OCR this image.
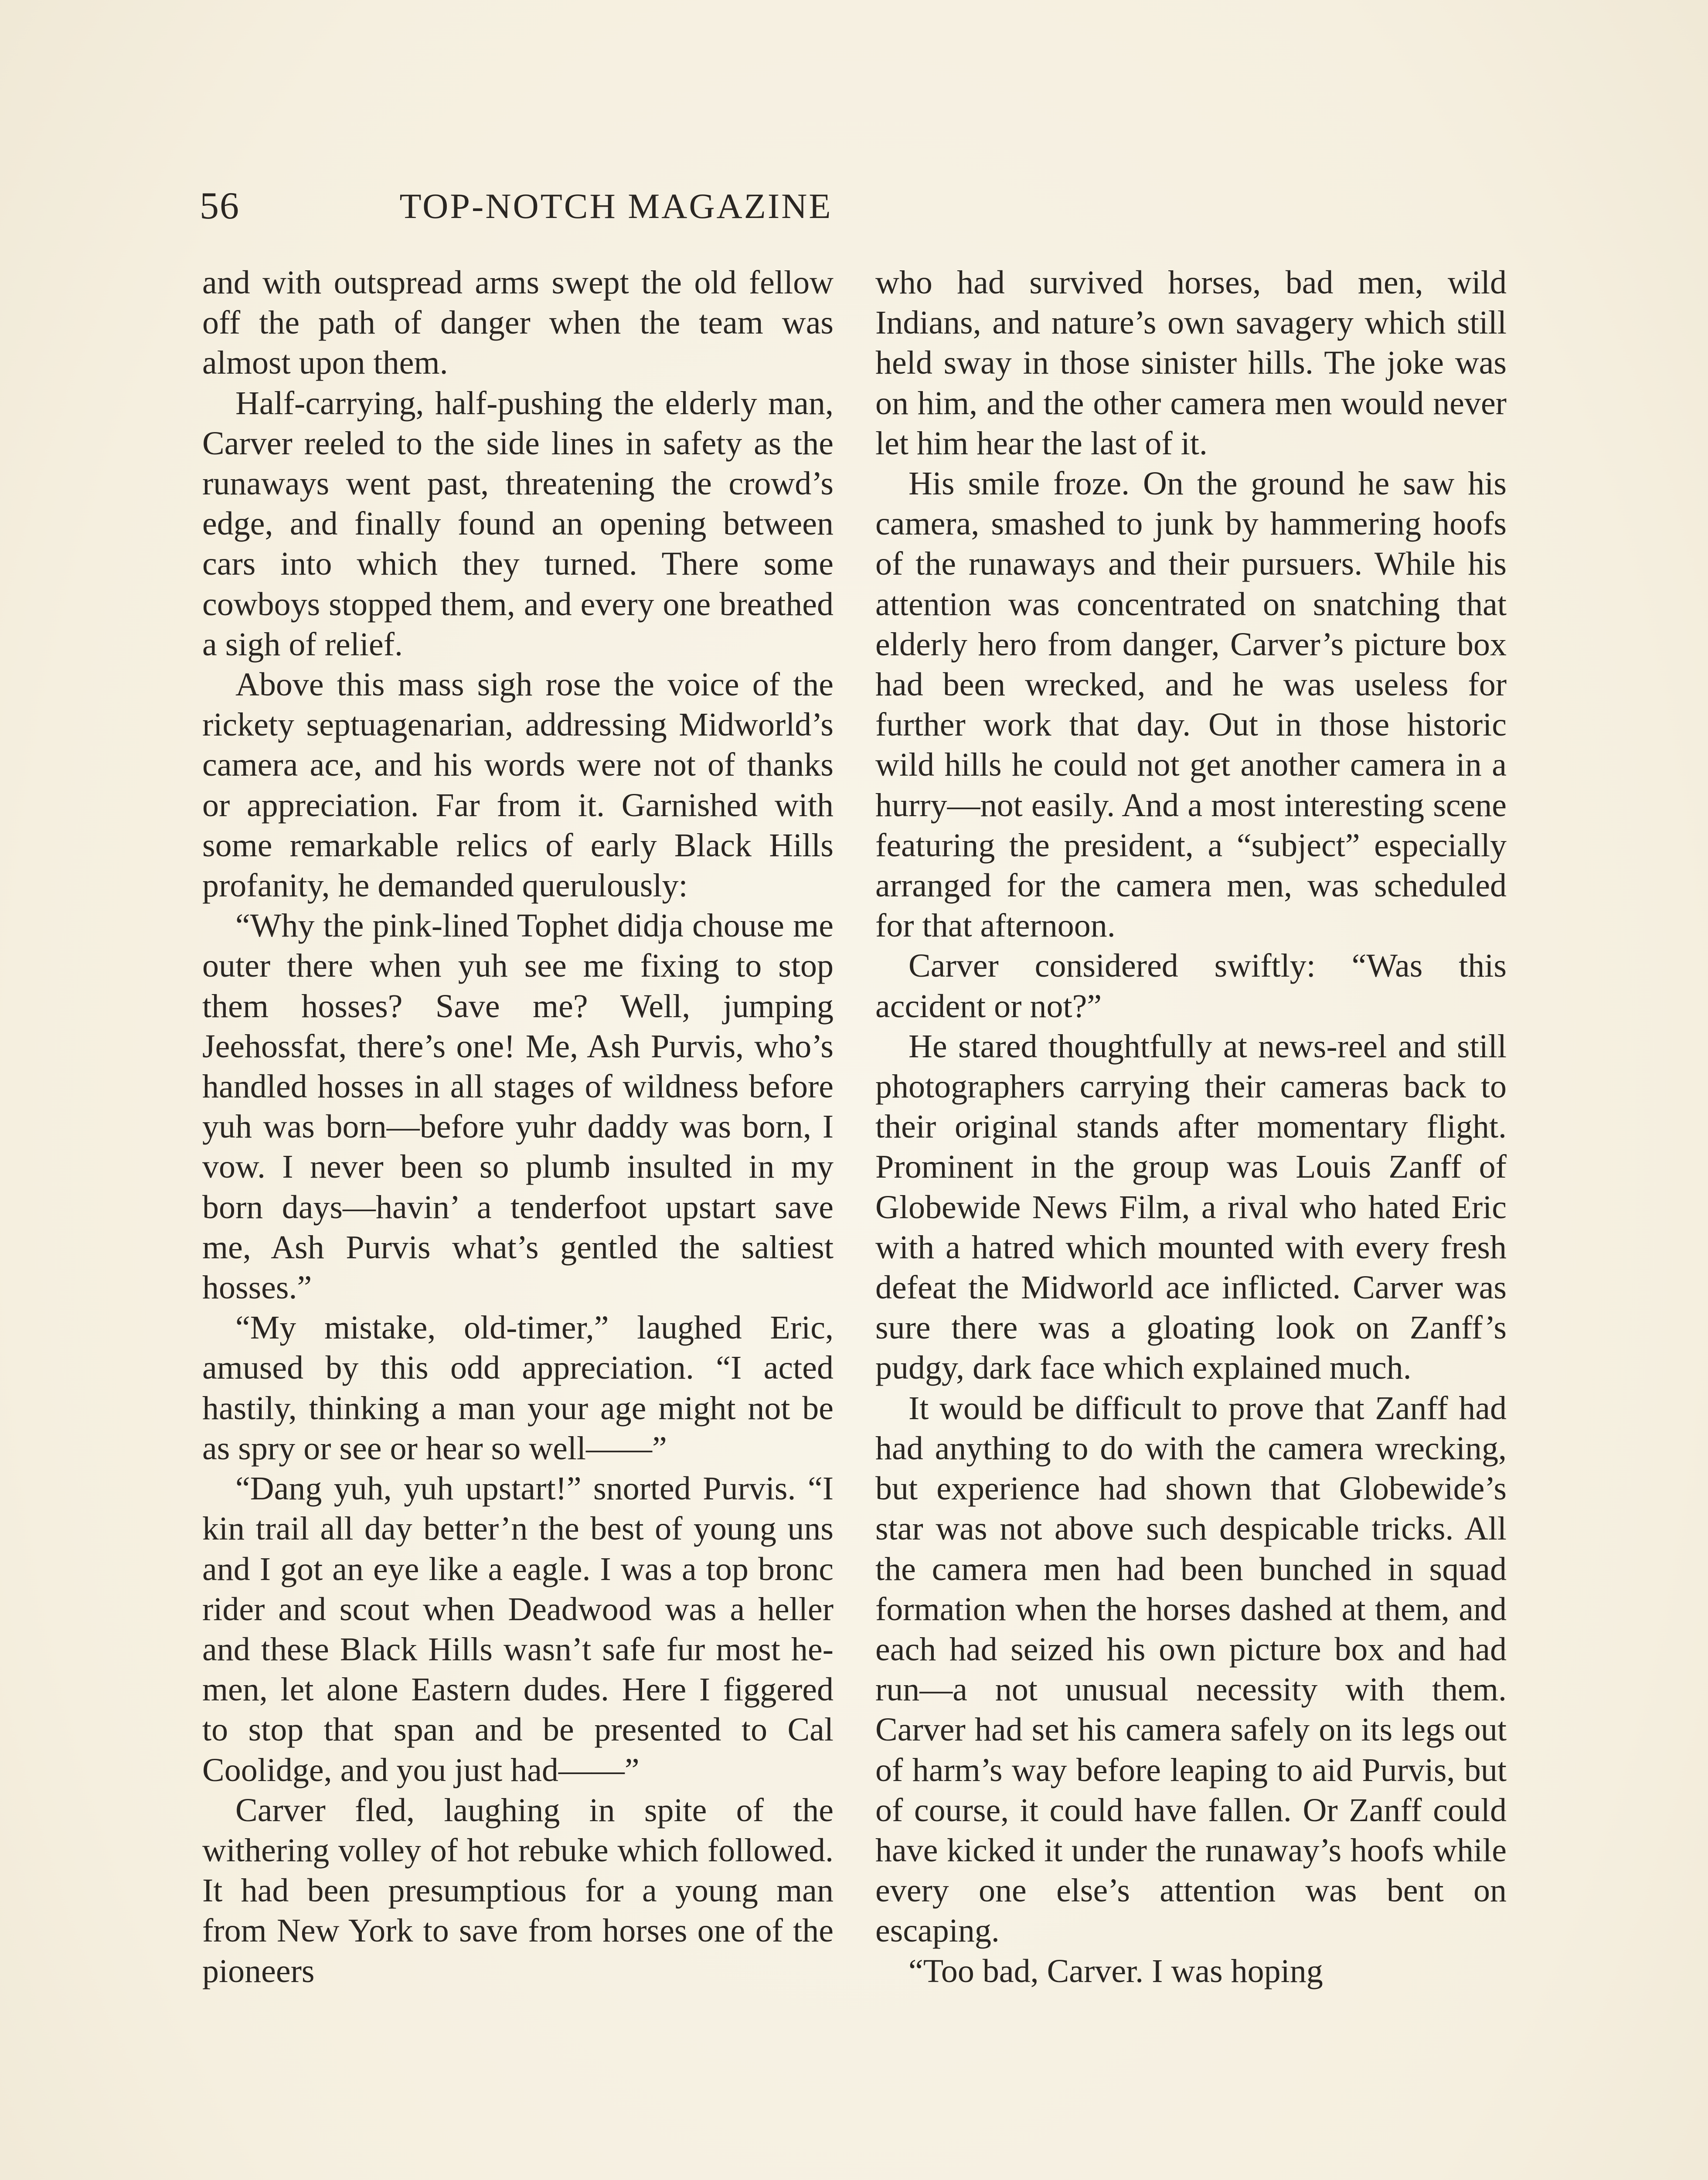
56	TOP-NOTCH MAGAZINE

and with outspread arms swept the old fellow off the path of danger when the team was almost upon them.

Half-carrying, half-pushing the elderly man, Carver reeled to the side lines in safety as the runaways went past, threatening the crowd’s edge, and finally found an opening between cars into which they turned. There some cowboys stopped them, and every one breathed a sigh of relief.

Above this mass sigh rose the voice of the rickety septuagenarian, addressing Midworld’s camera ace, and his words were not of thanks or appreciation. Far from it. Garnished with some remarkable relics of early Black Hills profanity, he demanded querulously:

“Why the pink-lined Tophet didja chouse me outer there when yuh see me fixing to stop them hosses? Save me? Well, jumping Jeehossfat, there’s one! Me, Ash Purvis, who’s handled hosses in all stages of wildness before yuh was born—before yuhr daddy was born, I vow. I never been so plumb insulted in my born days—havin’ a tenderfoot upstart save me, Ash Purvis what’s gentled the saltiest hosses.”

“My mistake, old-timer,” laughed Eric, amused by this odd appreciation. “I acted hastily, thinking a man your age might not be as spry or see or hear so well——”

“Dang yuh, yuh upstart!” snorted Purvis. “I kin trail all day better’n the best of young uns and I got an eye like a eagle. I was a top bronc rider and scout when Deadwood was a heller and these Black Hills wasn’t safe fur most he-men, let alone Eastern dudes. Here I figgered to stop that span and be presented to Cal Coolidge, and you just had——”

Carver fled, laughing in spite of the withering volley of hot rebuke which followed. It had been presumptious for a young man from New York to save from horses one of the pioneers

who had survived horses, bad men, wild Indians, and nature’s own savagery which still held sway in those sinister hills. The joke was on him, and the other camera men would never let him hear the last of it.

His smile froze. On the ground he saw his camera, smashed to junk by hammering hoofs of the runaways and their pursuers. While his attention was concentrated on snatching that elderly hero from danger, Carver’s picture box had been wrecked, and he was useless for further work that day. Out in those historic wild hills he could not get another camera in a hurry—not easily. And a most interesting scene featuring the president, a “subject” especially arranged for the camera men, was scheduled for that afternoon.

Carver considered swiftly: “Was this accident or not?”

He stared thoughtfully at news-reel and still photographers carrying their cameras back to their original stands after momentary flight. Prominent in the group was Louis Zanff of Globewide News Film, a rival who hated Eric with a hatred which mounted with every fresh defeat the Midworld ace inflicted. Carver was sure there was a gloating look on Zanff’s pudgy, dark face which explained much.

It would be difficult to prove that Zanff had had anything to do with the camera wrecking, but experience had shown that Globewide’s star was not above such despicable tricks. All the camera men had been bunched in squad formation when the horses dashed at them, and each had seized his own picture box and had run—a not unusual necessity with them. Carver had set his camera safely on its legs out of harm’s way before leaping to aid Purvis, but of course, it could have fallen. Or Zanff could have kicked it under the runaway’s hoofs while every one else’s attention was bent on escaping.

“Too bad, Carver. I was hoping
